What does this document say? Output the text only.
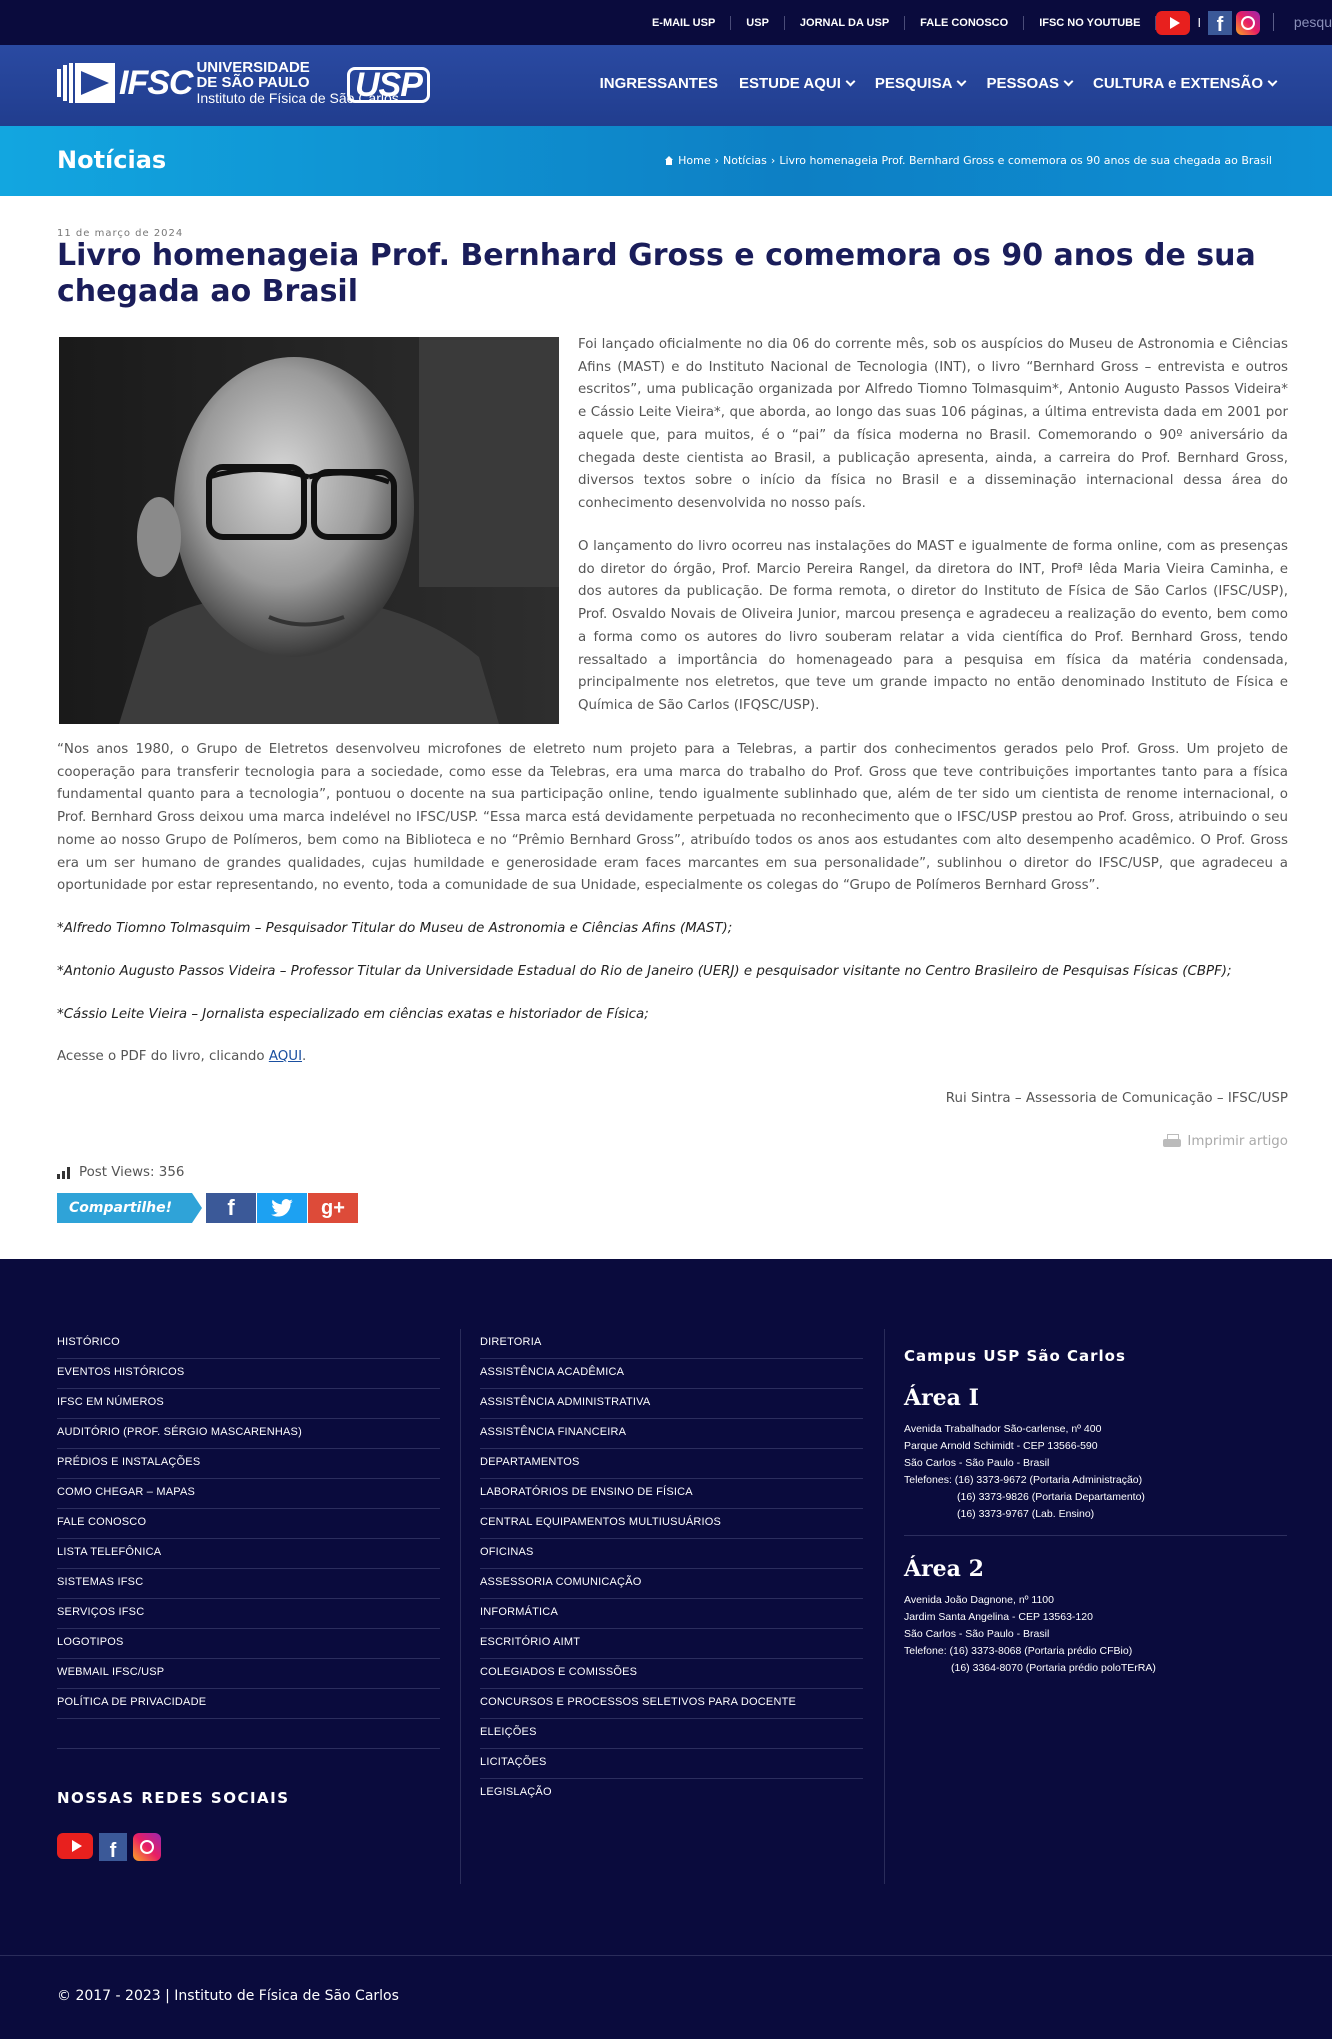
E-MAIL USP	USP	JORNAL DA USP	FALE CONOSCO	IFSC NO YOUTUBE	I f	pesqu
IFSC UNIVERSIDADE
DE SÃO PAULO
Instituto de Física de São Carlos
USP	INGRESSANTES ESTUDE AQUI	PESQUISA	PESSOAS	CULTURA e EXTENSÃO
Notícias	Home › Notícias › Livro homenageia Prof. Bernhard Gross e comemora os 90 anos de sua chegada ao Brasil
11 de março de 2024
Livro homenageia Prof. Bernhard Gross e comemora os 90 anos de sua chegada ao Brasil

Foi lançado oficialmente no dia 06 do corrente mês, sob os auspícios do Museu de Astronomia e Ciências Afins (MAST) e do Instituto Nacional de Tecnologia (INT), o livro “Bernhard Gross – entrevista e outros escritos”, uma publicação organizada por Alfredo Tiomno Tolmasquim*, Antonio Augusto Passos Videira* e Cássio Leite Vieira*, que aborda, ao longo das suas 106 páginas, a última entrevista dada em 2001 por aquele que, para muitos, é o “pai” da física moderna no Brasil. Comemorando o 90º aniversário da chegada deste cientista ao Brasil, a publicação apresenta, ainda, a carreira do Prof. Bernhard Gross, diversos textos sobre o início da física no Brasil e a disseminação internacional dessa área do conhecimento desenvolvida no nosso país.

O lançamento do livro ocorreu nas instalações do MAST e igualmente de forma online, com as presenças do diretor do órgão, Prof. Marcio Pereira Rangel, da diretora do INT, Profª Iêda Maria Vieira Caminha, e dos autores da publicação. De forma remota, o diretor do Instituto de Física de São Carlos (IFSC/USP), Prof. Osvaldo Novais de Oliveira Junior, marcou presença e agradeceu a realização do evento, bem como a forma como os autores do livro souberam relatar a vida científica do Prof. Bernhard Gross, tendo ressaltado a importância do homenageado para a pesquisa em física da matéria condensada, principalmente nos eletretos, que teve um grande impacto no então denominado Instituto de Física e Química de São Carlos (IFQSC/USP).

“Nos anos 1980, o Grupo de Eletretos desenvolveu microfones de eletreto num projeto para a Telebras, a partir dos conhecimentos gerados pelo Prof. Gross. Um projeto de cooperação para transferir tecnologia para a sociedade, como esse da Telebras, era uma marca do trabalho do Prof. Gross que teve contribuições importantes tanto para a física fundamental quanto para a tecnologia”, pontuou o docente na sua participação online, tendo igualmente sublinhado que, além de ter sido um cientista de renome internacional, o Prof. Bernhard Gross deixou uma marca indelével no IFSC/USP. “Essa marca está devidamente perpetuada no reconhecimento que o IFSC/USP prestou ao Prof. Gross, atribuindo o seu nome ao nosso Grupo de Polímeros, bem como na Biblioteca e no “Prêmio Bernhard Gross”, atribuído todos os anos aos estudantes com alto desempenho acadêmico. O Prof. Gross era um ser humano de grandes qualidades, cujas humildade e generosidade eram faces marcantes em sua personalidade”, sublinhou o diretor do IFSC/USP, que agradeceu a oportunidade por estar representando, no evento, toda a comunidade de sua Unidade, especialmente os colegas do “Grupo de Polímeros Bernhard Gross”.

*Alfredo Tiomno Tolmasquim – Pesquisador Titular do Museu de Astronomia e Ciências Afins (MAST);

*Antonio Augusto Passos Videira – Professor Titular da Universidade Estadual do Rio de Janeiro (UERJ) e pesquisador visitante no Centro Brasileiro de Pesquisas Físicas (CBPF);

*Cássio Leite Vieira – Jornalista especializado em ciências exatas e historiador de Física;

Acesse o PDF do livro, clicando AQUI.

Rui Sintra – Assessoria de Comunicação – IFSC/USP

Imprimir artigo
Post Views: 356
Compartilhe!	f	g+
HISTÓRICO
EVENTOS HISTÓRICOS
IFSC EM NÚMEROS
AUDITÓRIO (PROF. SÉRGIO MASCARENHAS)
PRÉDIOS E INSTALAÇÕES
COMO CHEGAR – MAPAS
FALE CONOSCO
LISTA TELEFÔNICA
SISTEMAS IFSC
SERVIÇOS IFSC
LOGOTIPOS
WEBMAIL IFSC/USP
POLÍTICA DE PRIVACIDADE
NOSSAS REDES SOCIAIS
f
DIRETORIA
ASSISTÊNCIA ACADÊMICA
ASSISTÊNCIA ADMINISTRATIVA
ASSISTÊNCIA FINANCEIRA
DEPARTAMENTOS
LABORATÓRIOS DE ENSINO DE FÍSICA
CENTRAL EQUIPAMENTOS MULTIUSUÁRIOS
OFICINAS
ASSESSORIA COMUNICAÇÃO
INFORMÁTICA
ESCRITÓRIO AIMT
COLEGIADOS E COMISSÕES
CONCURSOS E PROCESSOS SELETIVOS PARA DOCENTE
ELEIÇÕES
LICITAÇÕES
LEGISLAÇÃO
Campus USP São Carlos
Área I
Avenida Trabalhador São-carlense, nº 400
Parque Arnold Schimidt - CEP 13566-590
São Carlos - São Paulo - Brasil
Telefones: (16) 3373-9672 (Portaria Administração)
(16) 3373-9826 (Portaria Departamento)
(16) 3373-9767 (Lab. Ensino)
Área 2
Avenida João Dagnone, nº 1100
Jardim Santa Angelina - CEP 13563-120
São Carlos - São Paulo - Brasil
Telefone: (16) 3373-8068 (Portaria prédio CFBio)
(16) 3364-8070 (Portaria prédio poloTErRA)
© 2017 - 2023 | Instituto de Física de São Carlos
